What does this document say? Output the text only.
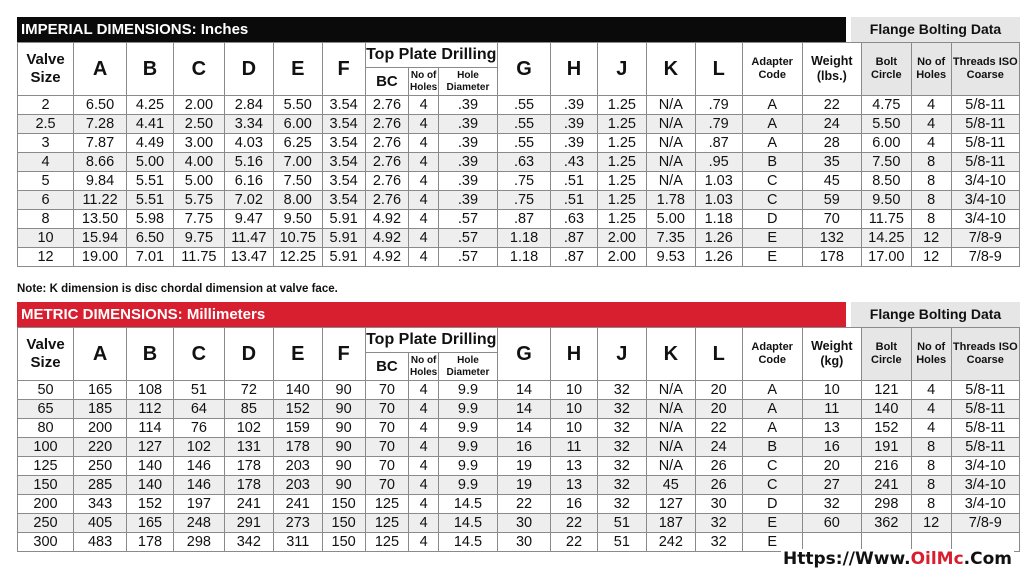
IMPERIAL DIMENSIONS: Inches	Flange Bolting Data
Valve Size	A	B	C	D	E	F	Top Plate Drilling			G	H	J	K	L	Adapter Code	Weight (lbs.)	Bolt Circle	No of Holes	Threads ISO Coarse
							BC	No of Holes	Hole Diameter										
2	6.50	4.25	2.00	2.84	5.50	3.54	2.76	4	.39	.55	.39	1.25	N/A	.79	A	22	4.75	4	5/8-11
2.5	7.28	4.41	2.50	3.34	6.00	3.54	2.76	4	.39	.55	.39	1.25	N/A	.79	A	24	5.50	4	5/8-11
3	7.87	4.49	3.00	4.03	6.25	3.54	2.76	4	.39	.55	.39	1.25	N/A	.87	A	28	6.00	4	5/8-11
4	8.66	5.00	4.00	5.16	7.00	3.54	2.76	4	.39	.63	.43	1.25	N/A	.95	B	35	7.50	8	5/8-11
5	9.84	5.51	5.00	6.16	7.50	3.54	2.76	4	.39	.75	.51	1.25	N/A	1.03	C	45	8.50	8	3/4-10
6	11.22	5.51	5.75	7.02	8.00	3.54	2.76	4	.39	.75	.51	1.25	1.78	1.03	C	59	9.50	8	3/4-10
8	13.50	5.98	7.75	9.47	9.50	5.91	4.92	4	.57	.87	.63	1.25	5.00	1.18	D	70	11.75	8	3/4-10
10	15.94	6.50	9.75	11.47	10.75	5.91	4.92	4	.57	1.18	.87	2.00	7.35	1.26	E	132	14.25	12	7/8-9
12	19.00	7.01	11.75	13.47	12.25	5.91	4.92	4	.57	1.18	.87	2.00	9.53	1.26	E	178	17.00	12	7/8-9
Note: K dimension is disc chordal dimension at valve face.
METRIC DIMENSIONS: Millimeters	Flange Bolting Data
Valve Size	A	B	C	D	E	F	Top Plate Drilling			G	H	J	K	L	Adapter Code	Weight (kg)	Bolt Circle	No of Holes	Threads ISO Coarse
							BC	No of Holes	Hole Diameter										
50	165	108	51	72	140	90	70	4	9.9	14	10	32	N/A	20	A	10	121	4	5/8-11
65	185	112	64	85	152	90	70	4	9.9	14	10	32	N/A	20	A	11	140	4	5/8-11
80	200	114	76	102	159	90	70	4	9.9	14	10	32	N/A	22	A	13	152	4	5/8-11
100	220	127	102	131	178	90	70	4	9.9	16	11	32	N/A	24	B	16	191	8	5/8-11
125	250	140	146	178	203	90	70	4	9.9	19	13	32	N/A	26	C	20	216	8	3/4-10
150	285	140	146	178	203	90	70	4	9.9	19	13	32	45	26	C	27	241	8	3/4-10
200	343	152	197	241	241	150	125	4	14.5	22	16	32	127	30	D	32	298	8	3/4-10
250	405	165	248	291	273	150	125	4	14.5	30	22	51	187	32	E	60	362	12	7/8-9
300	483	178	298	342	311	150	125	4	14.5	30	22	51	242	32	E				
Https://Www.OilMc.Com
